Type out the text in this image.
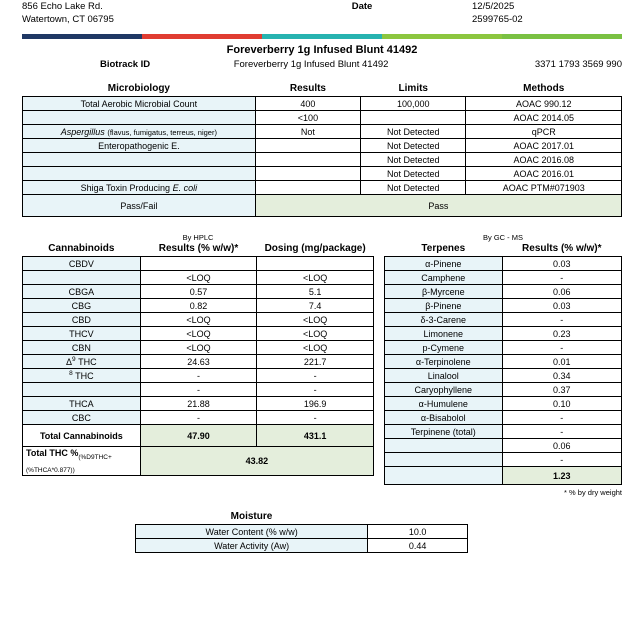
856 Echo Lake Rd.
Watertown, CT 06795
Date	12/5/2025
2599765-02
Foreverberry 1g Infused Blunt 41492
Biotrack ID	Foreverberry 1g Infused Blunt 41492	3371 1793 3569 990
Microbiology	Results	Limits	Methods
Total Aerobic Microbial Count	400	100,000	AOAC 990.12
	<100		AOAC 2014.05
Aspergillus (flavus, fumigatus, terreus, niger)	Not	Not Detected	qPCR
Enteropathogenic E.		Not Detected	AOAC 2017.01
		Not Detected	AOAC 2016.08
		Not Detected	AOAC 2016.01
Shiga Toxin Producing E. coli		Not Detected	AOAC PTM#071903
Pass/Fail	Pass		
By HPLC
Cannabinoids	Results (% w/w)*	Dosing (mg/package)
CBDV		
	<LOQ	<LOQ
CBGA	0.57	5.1
CBG	0.82	7.4
CBD	<LOQ	<LOQ
THCV	<LOQ	<LOQ
CBN	<LOQ	<LOQ
$\Delta^9$ THC	24.63	221.7
$^8$ THC	-	-
	-	-
THCA	21.88	196.9
CBC	-	-
Total Cannabinoids	47.90	431.1
Total THC $\%_{(\%D9THC+(\%THCA*0.877))}$	43.82	
By GC - MS
Terpenes	Results (% w/w)*
α-Pinene	0.03
Camphene	-
β-Myrcene	0.06
β-Pinene	0.03
δ-3-Carene	-
Limonene	0.23
p-Cymene	-
α-Terpinolene	0.01
Linalool	0.34
Caryophyllene	0.37
α-Humulene	0.10
α-Bisabolol	-
Terpinene (total)	-
	0.06
	-
	1.23
* % by dry weight
Moisture
Water Content (% w/w)	10.0
Water Activity (Aw)	0.44
